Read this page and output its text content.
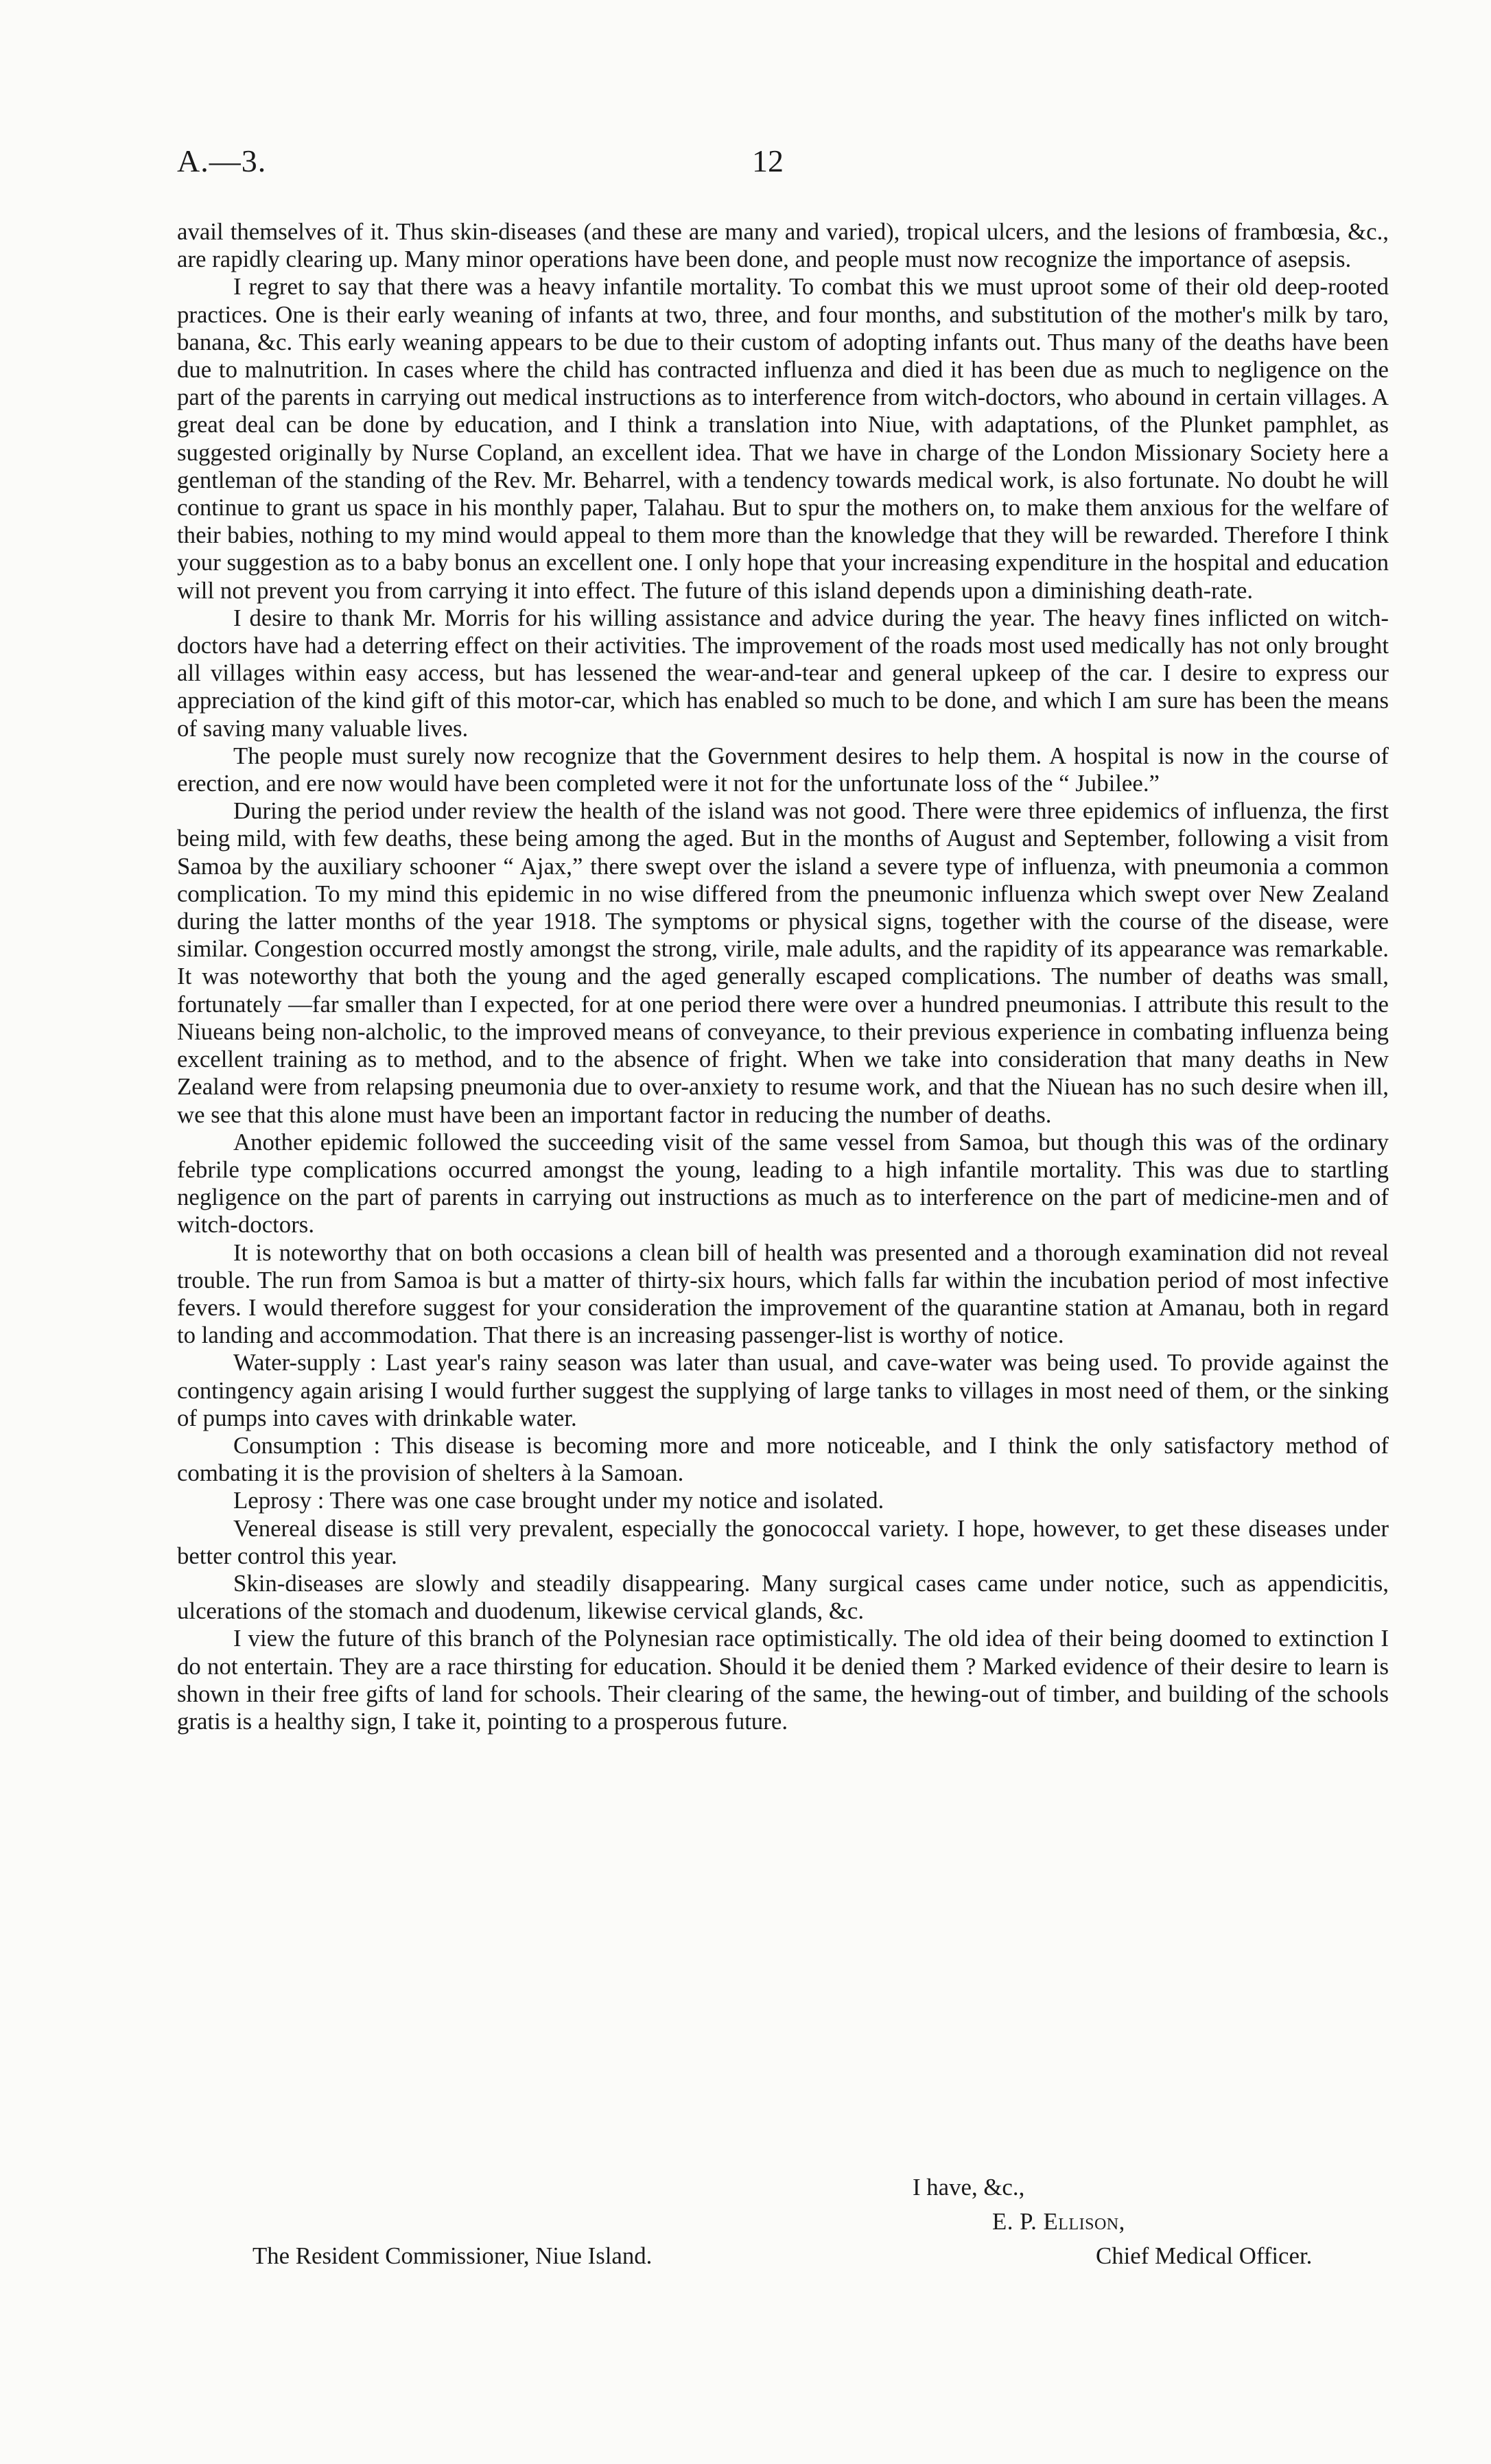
A.—3.	12

avail themselves of it. Thus skin-diseases (and these are many and varied), tropical ulcers, and the lesions of frambœsia, &c., are rapidly clearing up. Many minor operations have been done, and people must now recognize the importance of asepsis.

I regret to say that there was a heavy infantile mortality. To combat this we must uproot some of their old deep-rooted practices. One is their early weaning of infants at two, three, and four months, and substitution of the mother's milk by taro, banana, &c. This early weaning appears to be due to their custom of adopting infants out. Thus many of the deaths have been due to malnutrition. In cases where the child has contracted influenza and died it has been due as much to negligence on the part of the parents in carrying out medical instructions as to interference from witch-doctors, who abound in certain villages. A great deal can be done by education, and I think a translation into Niue, with adaptations, of the Plunket pamphlet, as suggested originally by Nurse Copland, an excellent idea. That we have in charge of the London Missionary Society here a gentleman of the standing of the Rev. Mr. Beharrel, with a tendency towards medical work, is also fortunate. No doubt he will continue to grant us space in his monthly paper, Talahau. But to spur the mothers on, to make them anxious for the welfare of their babies, nothing to my mind would appeal to them more than the knowledge that they will be rewarded. Therefore I think your suggestion as to a baby bonus an excellent one. I only hope that your increasing expenditure in the hospital and education will not prevent you from carrying it into effect. The future of this island depends upon a diminishing death-rate.

I desire to thank Mr. Morris for his willing assistance and advice during the year. The heavy fines inflicted on witch-doctors have had a deterring effect on their activities. The improvement of the roads most used medically has not only brought all villages within easy access, but has lessened the wear-and-tear and general upkeep of the car. I desire to express our appreciation of the kind gift of this motor-car, which has enabled so much to be done, and which I am sure has been the means of saving many valuable lives.

The people must surely now recognize that the Government desires to help them. A hospital is now in the course of erection, and ere now would have been completed were it not for the unfortunate loss of the “ Jubilee.”

During the period under review the health of the island was not good. There were three epidemics of influenza, the first being mild, with few deaths, these being among the aged. But in the months of August and September, following a visit from Samoa by the auxiliary schooner “ Ajax,” there swept over the island a severe type of influenza, with pneumonia a common complication. To my mind this epidemic in no wise differed from the pneumonic influenza which swept over New Zealand during the latter months of the year 1918. The symptoms or physical signs, together with the course of the disease, were similar. Congestion occurred mostly amongst the strong, virile, male adults, and the rapidity of its appearance was remarkable. It was noteworthy that both the young and the aged generally escaped complications. The number of deaths was small, fortunately —far smaller than I expected, for at one period there were over a hundred pneumonias. I attribute this result to the Niueans being non-alcholic, to the improved means of conveyance, to their previous experience in combating influenza being excellent training as to method, and to the absence of fright. When we take into consideration that many deaths in New Zealand were from relapsing pneumonia due to over-anxiety to resume work, and that the Niuean has no such desire when ill, we see that this alone must have been an important factor in reducing the number of deaths.

Another epidemic followed the succeeding visit of the same vessel from Samoa, but though this was of the ordinary febrile type complications occurred amongst the young, leading to a high infantile mortality. This was due to startling negligence on the part of parents in carrying out instructions as much as to interference on the part of medicine-men and of witch-doctors.

It is noteworthy that on both occasions a clean bill of health was presented and a thorough examination did not reveal trouble. The run from Samoa is but a matter of thirty-six hours, which falls far within the incubation period of most infective fevers. I would therefore suggest for your consideration the improvement of the quarantine station at Amanau, both in regard to landing and accommodation. That there is an increasing passenger-list is worthy of notice.

Water-supply : Last year's rainy season was later than usual, and cave-water was being used. To provide against the contingency again arising I would further suggest the supplying of large tanks to villages in most need of them, or the sinking of pumps into caves with drinkable water.

Consumption : This disease is becoming more and more noticeable, and I think the only satisfactory method of combating it is the provision of shelters à la Samoan.

Leprosy : There was one case brought under my notice and isolated.

Venereal disease is still very prevalent, especially the gonococcal variety. I hope, however, to get these diseases under better control this year.

Skin-diseases are slowly and steadily disappearing. Many surgical cases came under notice, such as appendicitis, ulcerations of the stomach and duodenum, likewise cervical glands, &c.

I view the future of this branch of the Polynesian race optimistically. The old idea of their being doomed to extinction I do not entertain. They are a race thirsting for education. Should it be denied them ? Marked evidence of their desire to learn is shown in their free gifts of land for schools. Their clearing of the same, the hewing-out of timber, and building of the schools gratis is a healthy sign, I take it, pointing to a prosperous future.

I have, &c.,
E. P. Ellison,
The Resident Commissioner, Niue Island.	Chief Medical Officer.
